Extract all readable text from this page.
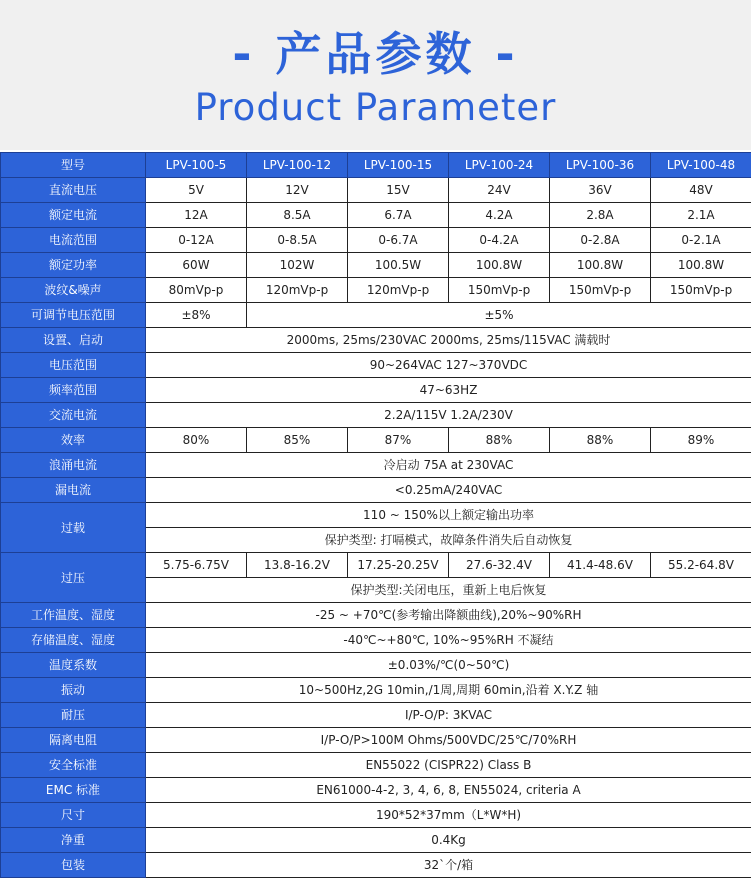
- 产品参数 -
Product Parameter
型号	LPV-100-5	LPV-100-12	LPV-100-15	LPV-100-24	LPV-100-36	LPV-100-48
直流电压	5V	12V	15V	24V	36V	48V
额定电流	12A	8.5A	6.7A	4.2A	2.8A	2.1A
电流范围	0-12A	0-8.5A	0-6.7A	0-4.2A	0-2.8A	0-2.1A
额定功率	60W	102W	100.5W	100.8W	100.8W	100.8W
波纹&噪声	80mVp-p	120mVp-p	120mVp-p	150mVp-p	150mVp-p	150mVp-p
可调节电压范围	±8%	±5%				
设置、启动	2000ms, 25ms/230VAC 2000ms, 25ms/115VAC 满载时					
电压范围	90~264VAC 127~370VDC					
频率范围	47~63HZ					
交流电流	2.2A/115V 1.2A/230V					
效率	80%	85%	87%	88%	88%	89%
浪涌电流	冷启动 75A at 230VAC					
漏电流	<0.25mA/240VAC					
过载	110 ~ 150%以上额定输出功率					
	保护类型: 打嗝模式，故障条件消失后自动恢复					
过压	5.75-6.75V	13.8-16.2V	17.25-20.25V	27.6-32.4V	41.4-48.6V	55.2-64.8V
	保护类型:关闭电压，重新上电后恢复					
工作温度、湿度	-25 ~ +70℃(参考输出降额曲线),20%~90%RH					
存储温度、湿度	-40℃~+80℃, 10%~95%RH 不凝结					
温度系数	±0.03%/℃(0~50℃)					
振动	10~500Hz,2G 10min,/1周,周期 60min,沿着 X.Y.Z 轴					
耐压	I/P-O/P: 3KVAC					
隔离电阻	I/P-O/P>100M Ohms/500VDC/25℃/70%RH					
安全标准	EN55022 (CISPR22) Class B					
EMC 标准	EN61000-4-2, 3, 4, 6, 8, EN55024, criteria A					
尺寸	190*52*37mm（L*W*H)					
净重	0.4Kg					
包装	32`个/箱					
